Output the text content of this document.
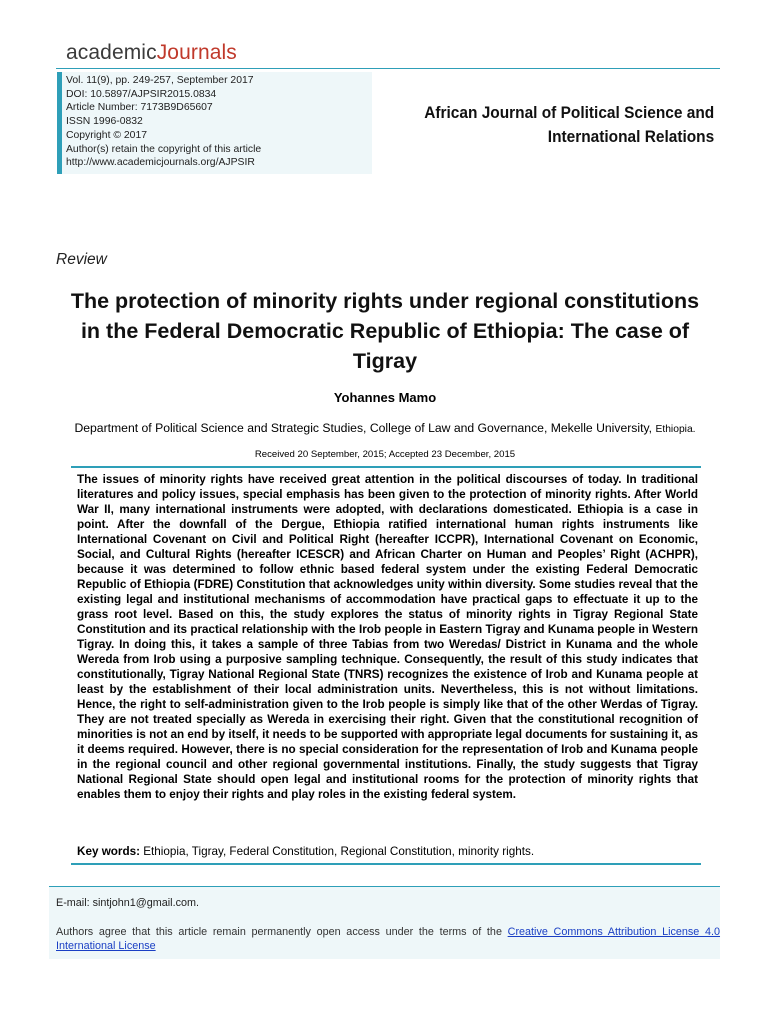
academicJournals
Vol. 11(9), pp. 249-257, September 2017
DOI: 10.5897/AJPSIR2015.0834
Article Number: 7173B9D65607
ISSN 1996-0832
Copyright © 2017
Author(s) retain the copyright of this article
http://www.academicjournals.org/AJPSIR
African Journal of Political Science and
International Relations
Review
The protection of minority rights under regional constitutions in the Federal Democratic Republic of Ethiopia: The case of Tigray
Yohannes Mamo
Department of Political Science and Strategic Studies, College of Law and Governance, Mekelle University, Ethiopia.
Received 20 September, 2015; Accepted 23 December, 2015
The issues of minority rights have received great attention in the political discourses of today. In traditional literatures and policy issues, special emphasis has been given to the protection of minority rights. After World War II, many international instruments were adopted, with declarations domesticated. Ethiopia is a case in point. After the downfall of the Dergue, Ethiopia ratified international human rights instruments like International Covenant on Civil and Political Right (hereafter ICCPR), International Covenant on Economic, Social, and Cultural Rights (hereafter ICESCR) and African Charter on Human and Peoples’ Right (ACHPR), because it was determined to follow ethnic based federal system under the existing Federal Democratic Republic of Ethiopia (FDRE) Constitution that acknowledges unity within diversity. Some studies reveal that the existing legal and institutional mechanisms of accommodation have practical gaps to effectuate it up to the grass root level. Based on this, the study explores the status of minority rights in Tigray Regional State Constitution and its practical relationship with the Irob people in Eastern Tigray and Kunama people in Western Tigray. In doing this, it takes a sample of three Tabias from two Weredas/ District in Kunama and the whole Wereda from Irob using a purposive sampling technique. Consequently, the result of this study indicates that constitutionally, Tigray National Regional State (TNRS) recognizes the existence of Irob and Kunama people at least by the establishment of their local administration units. Nevertheless, this is not without limitations. Hence, the right to self-administration given to the Irob people is simply like that of the other Werdas of Tigray. They are not treated specially as Wereda in exercising their right. Given that the constitutional recognition of minorities is not an end by itself, it needs to be supported with appropriate legal documents for sustaining it, as it deems required. However, there is no special consideration for the representation of Irob and Kunama people in the regional council and other regional governmental institutions. Finally, the study suggests that Tigray National Regional State should open legal and institutional rooms for the protection of minority rights that enables them to enjoy their rights and play roles in the existing federal system.
Key words: Ethiopia, Tigray, Federal Constitution, Regional Constitution, minority rights.
E-mail: sintjohn1@gmail.com.
Authors agree that this article remain permanently open access under the terms of the Creative Commons Attribution License 4.0 International License
